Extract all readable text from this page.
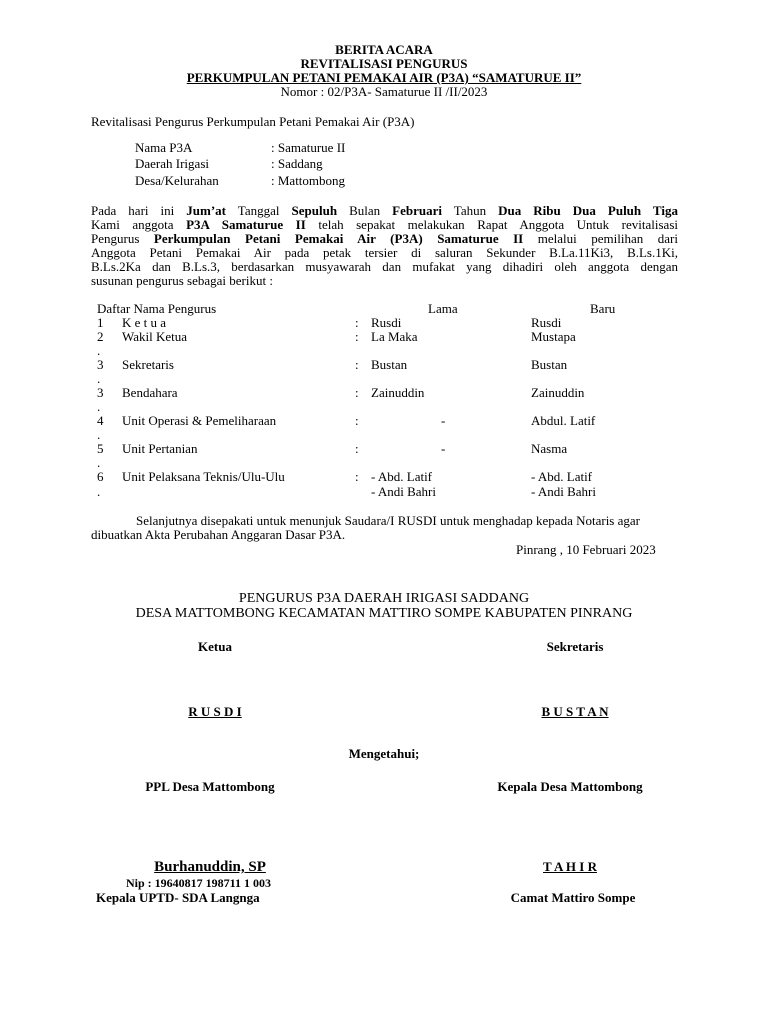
BERITA ACARA
REVITALISASI PENGURUS
PERKUMPULAN PETANI PEMAKAI AIR (P3A) “SAMATURUE II”
Nomor : 02/P3A- Samaturue II /II/2023
Revitalisasi Pengurus Perkumpulan Petani Pemakai Air (P3A)
Nama P3A	: Samaturue II
Daerah Irigasi	: Saddang
Desa/Kelurahan	: Mattombong
Pada hari ini Jum’at Tanggal Sepuluh Bulan Februari Tahun Dua Ribu Dua Puluh Tiga
Kami anggota P3A Samaturue II telah sepakat melakukan Rapat Anggota Untuk revitalisasi
Pengurus Perkumpulan Petani Pemakai Air (P3A) Samaturue II melalui pemilihan dari
Anggota Petani Pemakai Air pada petak tersier di saluran Sekunder B.La.11Ki3, B.Ls.1Ki,
B.Ls.2Ka dan B.Ls.3, berdasarkan musyawarah dan mufakat yang dihadiri oleh anggota dengan
susunan pengurus sebagai berikut :
Daftar Nama Pengurus	Lama	Baru
1 K e t u a	: Rusdi	Rusdi
2 Wakil Ketua	: La Maka	Mustapa
.
3 Sekretaris	: Bustan	Bustan
.
3 Bendahara	: Zainuddin	Zainuddin
.
4 Unit Operasi & Pemeliharaan	:	-	Abdul. Latif
.
5 Unit Pertanian	:	-	Nasma
.
6 Unit Pelaksana Teknis/Ulu-Ulu	: - Abd. Latif	- Abd. Latif
.	- Andi Bahri	- Andi Bahri
Selanjutnya disepakati untuk menunjuk Saudara/I RUSDI untuk menghadap kepada Notaris agar
dibuatkan Akta Perubahan Anggaran Dasar P3A.
Pinrang , 10 Februari 2023
PENGURUS P3A DAERAH IRIGASI SADDANG
DESA MATTOMBONG KECAMATAN MATTIRO SOMPE KABUPATEN PINRANG
Ketua	Sekretaris
R U S D I	B U S T A N
Mengetahui;
PPL Desa Mattombong	Kepala Desa Mattombong
Burhanuddin, SP	T A H I R
Nip : 19640817 198711 1 003
Kepala UPTD- SDA Langnga	Camat Mattiro Sompe
